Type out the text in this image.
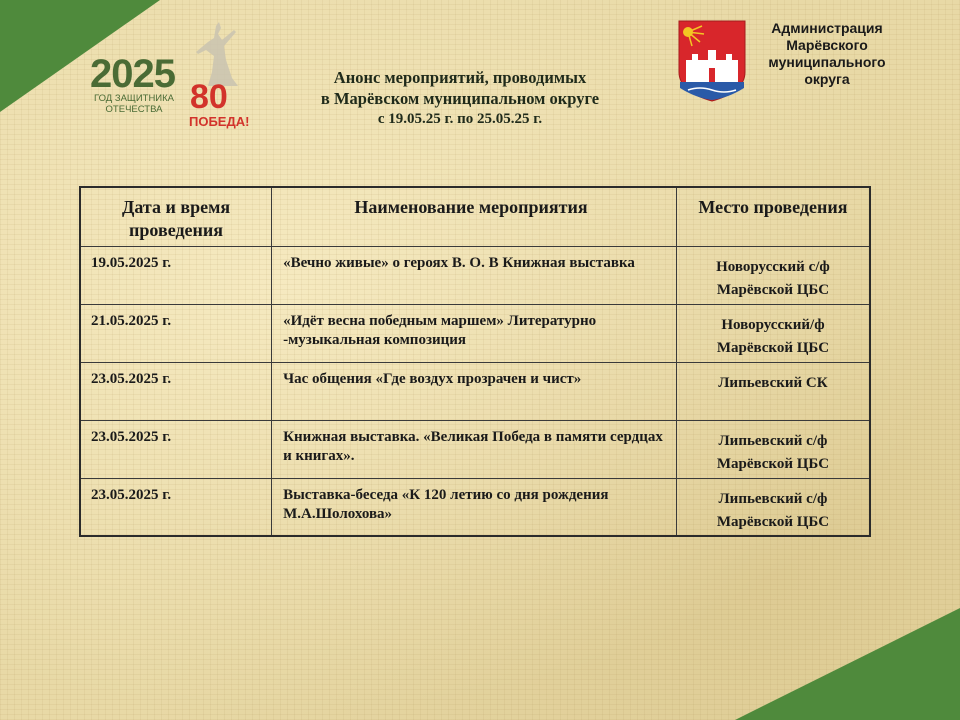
2025
ГОД ЗАЩИТНИКА
ОТЕЧЕСТВА 80
ПОБЕДА!
Анонс мероприятий, проводимых
в Марёвском муниципальном округе
с 19.05.25 г. по 25.05.25 г.
Администрация
Марёвского
муниципального
округа
Дата и время проведения	Наименование мероприятия	Место проведения
19.05.2025 г.	«Вечно живые» о героях В. О. В Книжная выставка	Новорусский с/ф
Марёвской ЦБС

21.05.2025 г.	«Идёт весна победным маршем» Литературно -музыкальная композиция	Новорусский/ф
Марёвской ЦБС

23.05.2025 г.	Час общения «Где воздух прозрачен и чист»	Липьевский СК

23.05.2025 г.	Книжная выставка. «Великая Победа в памяти сердцах и книгах».	Липьевский с/ф
Марёвской ЦБС

23.05.2025 г.	Выставка-беседа «К 120 летию со дня рождения М.А.Шолохова»	Липьевский с/ф
Марёвской ЦБС
